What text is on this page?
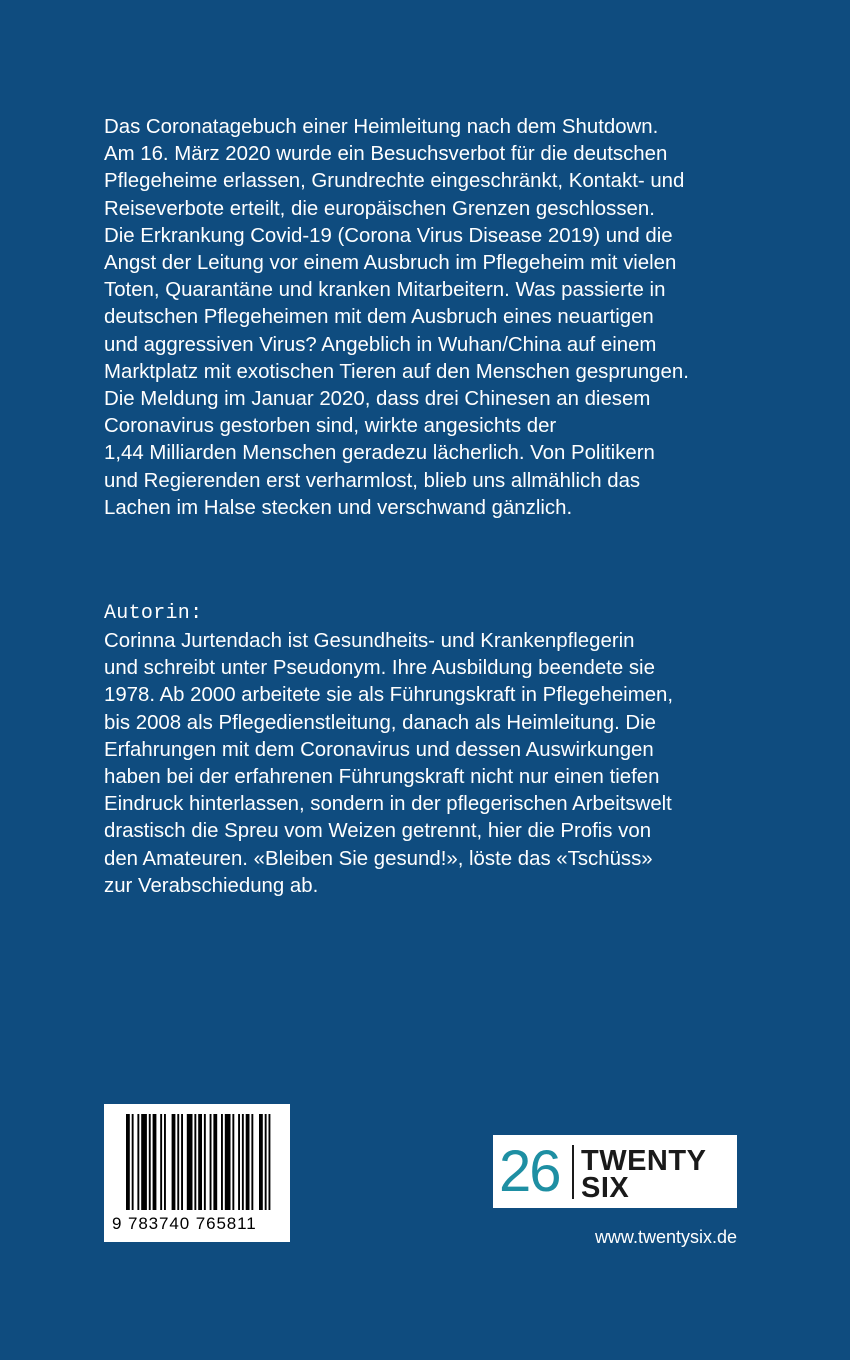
Das Coronatagebuch einer Heimleitung nach dem Shutdown.
Am 16. März 2020 wurde ein Besuchsverbot für die deutschen
Pflegeheime erlassen, Grundrechte eingeschränkt, Kontakt- und
Reiseverbote erteilt, die europäischen Grenzen geschlossen.
Die Erkrankung Covid-19 (Corona Virus Disease 2019) und die
Angst der Leitung vor einem Ausbruch im Pflegeheim mit vielen
Toten, Quarantäne und kranken Mitarbeitern. Was passierte in
deutschen Pflegeheimen mit dem Ausbruch eines neuartigen
und aggressiven Virus? Angeblich in Wuhan/China auf einem
Marktplatz mit exotischen Tieren auf den Menschen gesprungen.
Die Meldung im Januar 2020, dass drei Chinesen an diesem
Coronavirus gestorben sind, wirkte angesichts der
1,44 Milliarden Menschen geradezu lächerlich. Von Politikern
und Regierenden erst verharmlost, blieb uns allmählich das
Lachen im Halse stecken und verschwand gänzlich.
Autorin:
Corinna Jurtendach ist Gesundheits- und Krankenpflegerin
und schreibt unter Pseudonym. Ihre Ausbildung beendete sie
1978. Ab 2000 arbeitete sie als Führungskraft in Pflegeheimen,
bis 2008 als Pflegedienstleitung, danach als Heimleitung. Die
Erfahrungen mit dem Coronavirus und dessen Auswirkungen
haben bei der erfahrenen Führungskraft nicht nur einen tiefen
Eindruck hinterlassen, sondern in der pflegerischen Arbeitswelt
drastisch die Spreu vom Weizen getrennt, hier die Profis von
den Amateuren. «Bleiben Sie gesund!», löste das «Tschüss»
zur Verabschiedung ab.
9 783740 765811
26 TWENTY
SIX
www.twentysix.de
